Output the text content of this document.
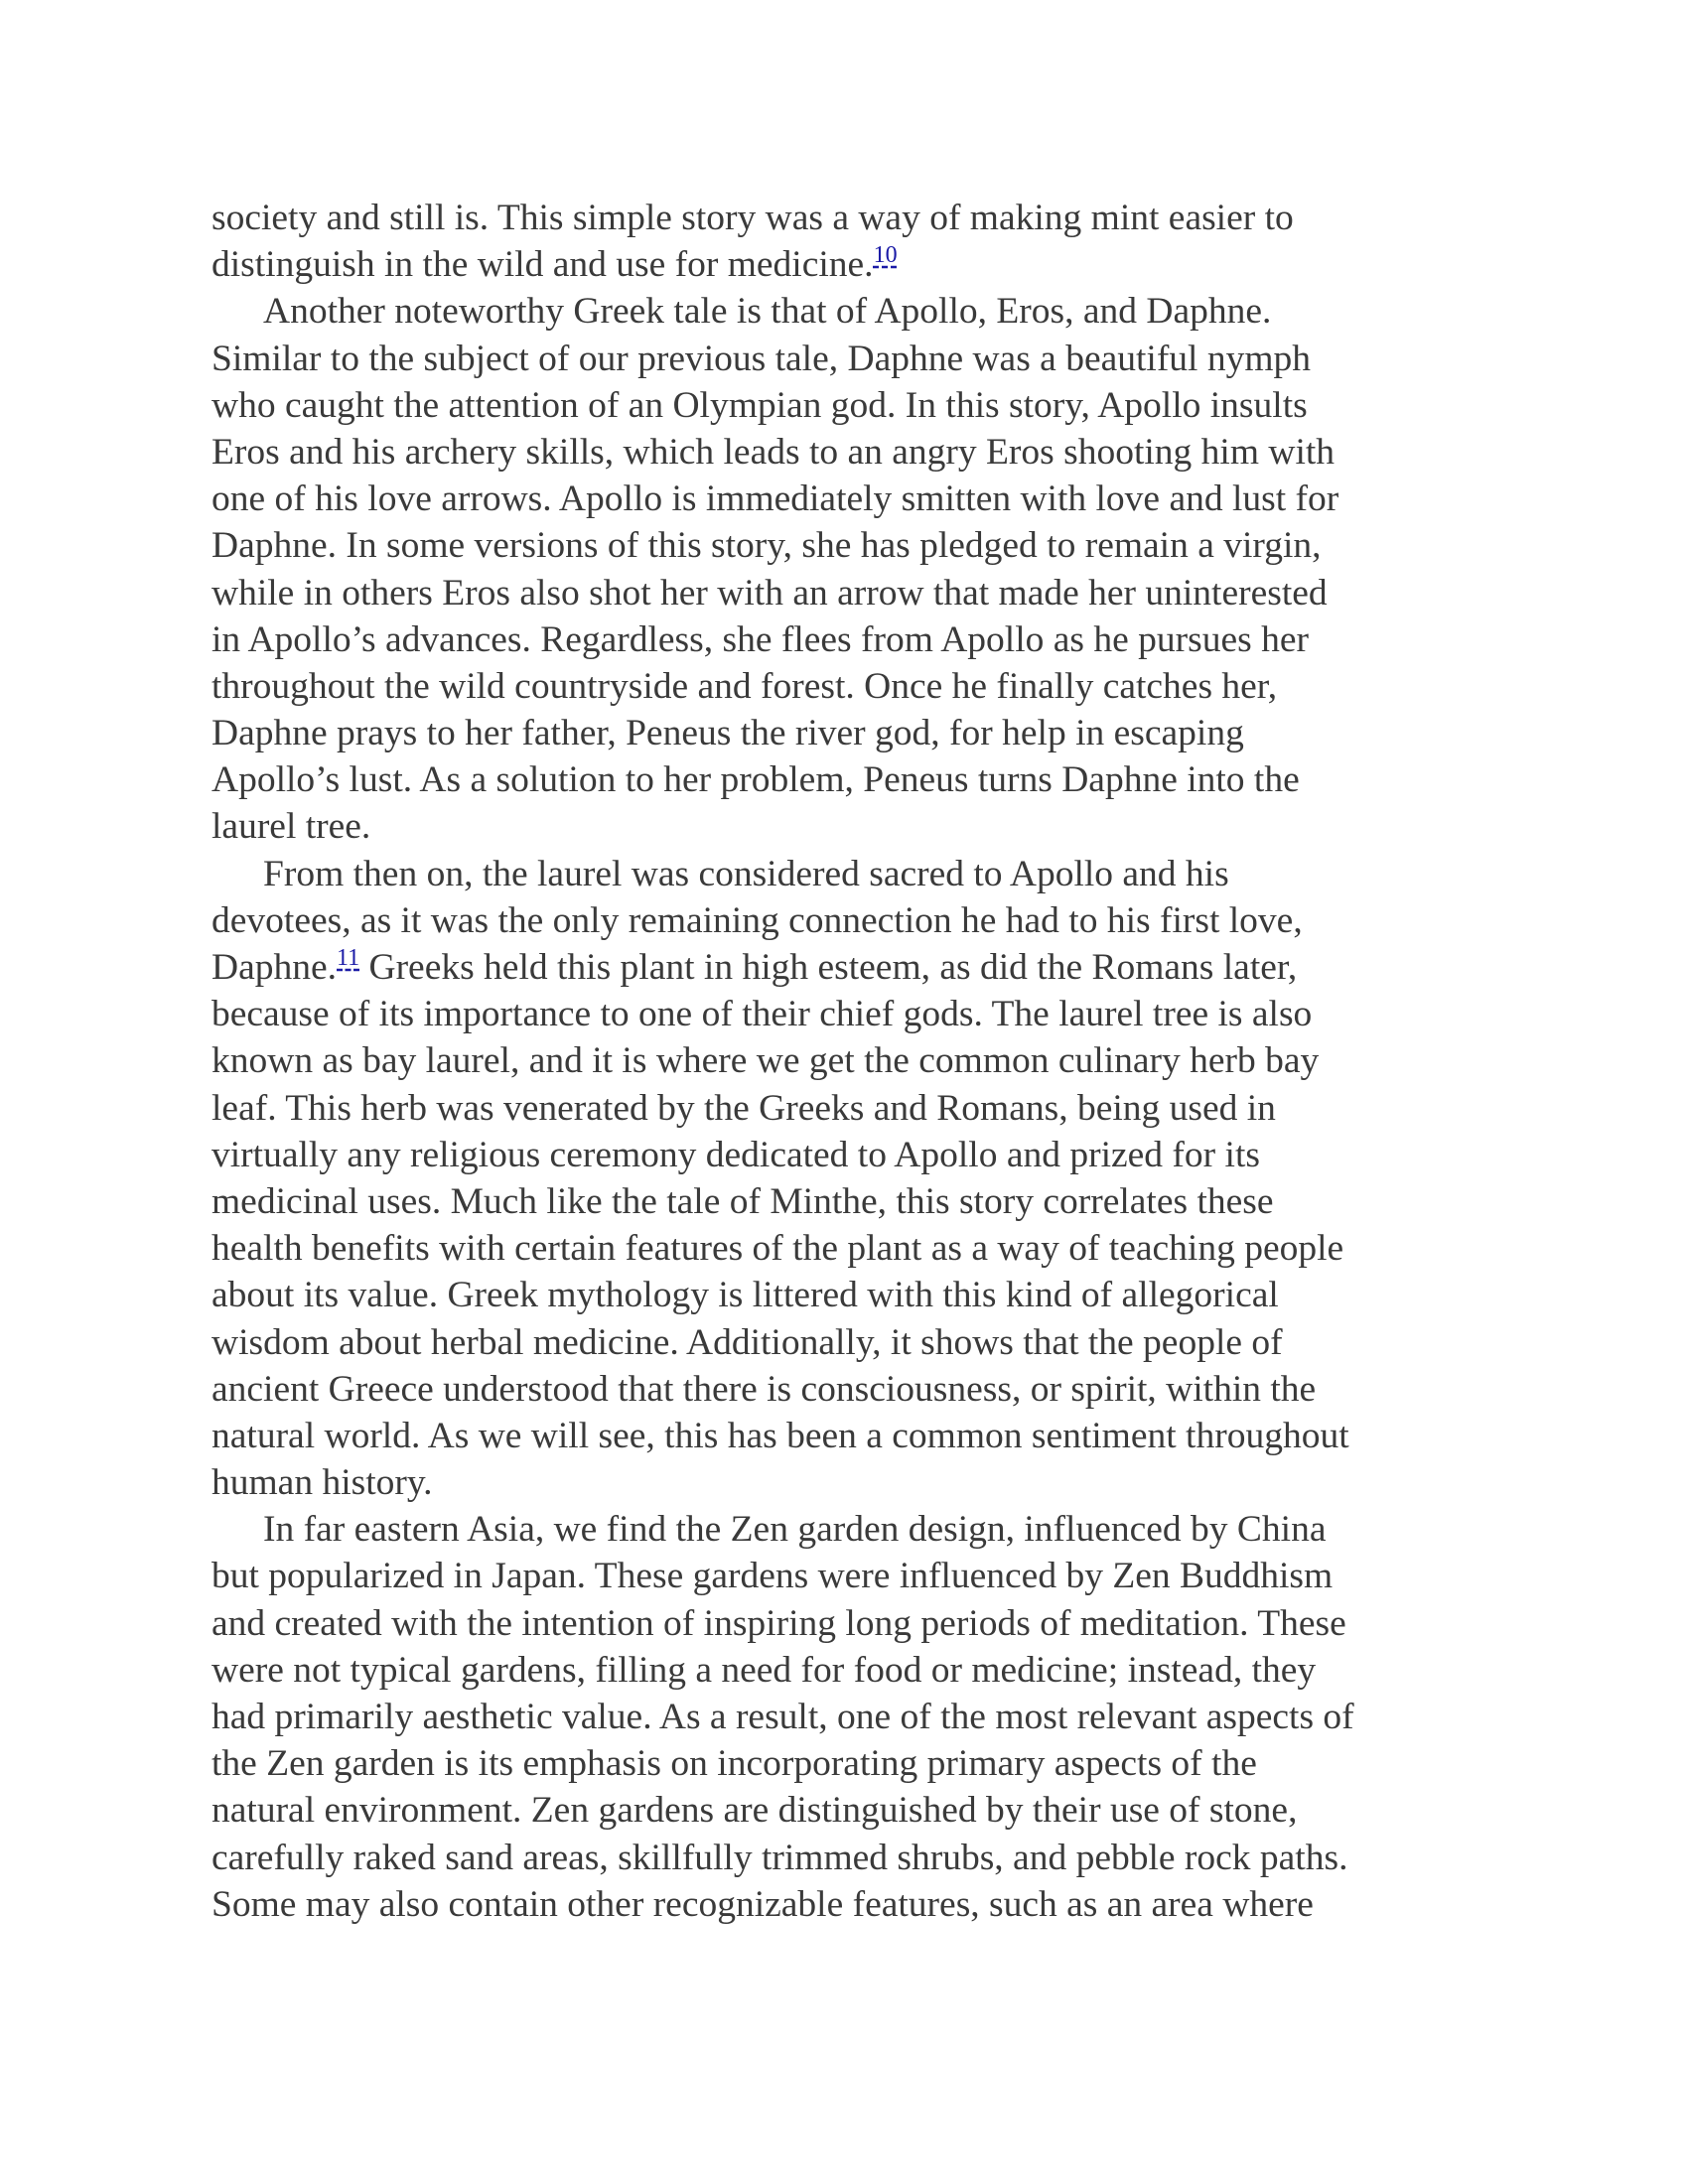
society and still is. This simple story was a way of making mint easier to
distinguish in the wild and use for medicine.$^{10}$
Another noteworthy Greek tale is that of Apollo, Eros, and Daphne.
Similar to the subject of our previous tale, Daphne was a beautiful nymph
who caught the attention of an Olympian god. In this story, Apollo insults
Eros and his archery skills, which leads to an angry Eros shooting him with
one of his love arrows. Apollo is immediately smitten with love and lust for
Daphne. In some versions of this story, she has pledged to remain a virgin,
while in others Eros also shot her with an arrow that made her uninterested
in Apollo’s advances. Regardless, she flees from Apollo as he pursues her
throughout the wild countryside and forest. Once he finally catches her,
Daphne prays to her father, Peneus the river god, for help in escaping
Apollo’s lust. As a solution to her problem, Peneus turns Daphne into the
laurel tree.
From then on, the laurel was considered sacred to Apollo and his
devotees, as it was the only remaining connection he had to his first love,
Daphne.$^{11}$ Greeks held this plant in high esteem, as did the Romans later,
because of its importance to one of their chief gods. The laurel tree is also
known as bay laurel, and it is where we get the common culinary herb bay
leaf. This herb was venerated by the Greeks and Romans, being used in
virtually any religious ceremony dedicated to Apollo and prized for its
medicinal uses. Much like the tale of Minthe, this story correlates these
health benefits with certain features of the plant as a way of teaching people
about its value. Greek mythology is littered with this kind of allegorical
wisdom about herbal medicine. Additionally, it shows that the people of
ancient Greece understood that there is consciousness, or spirit, within the
natural world. As we will see, this has been a common sentiment throughout
human history.
In far eastern Asia, we find the Zen garden design, influenced by China
but popularized in Japan. These gardens were influenced by Zen Buddhism
and created with the intention of inspiring long periods of meditation. These
were not typical gardens, filling a need for food or medicine; instead, they
had primarily aesthetic value. As a result, one of the most relevant aspects of
the Zen garden is its emphasis on incorporating primary aspects of the
natural environment. Zen gardens are distinguished by their use of stone,
carefully raked sand areas, skillfully trimmed shrubs, and pebble rock paths.
Some may also contain other recognizable features, such as an area where
